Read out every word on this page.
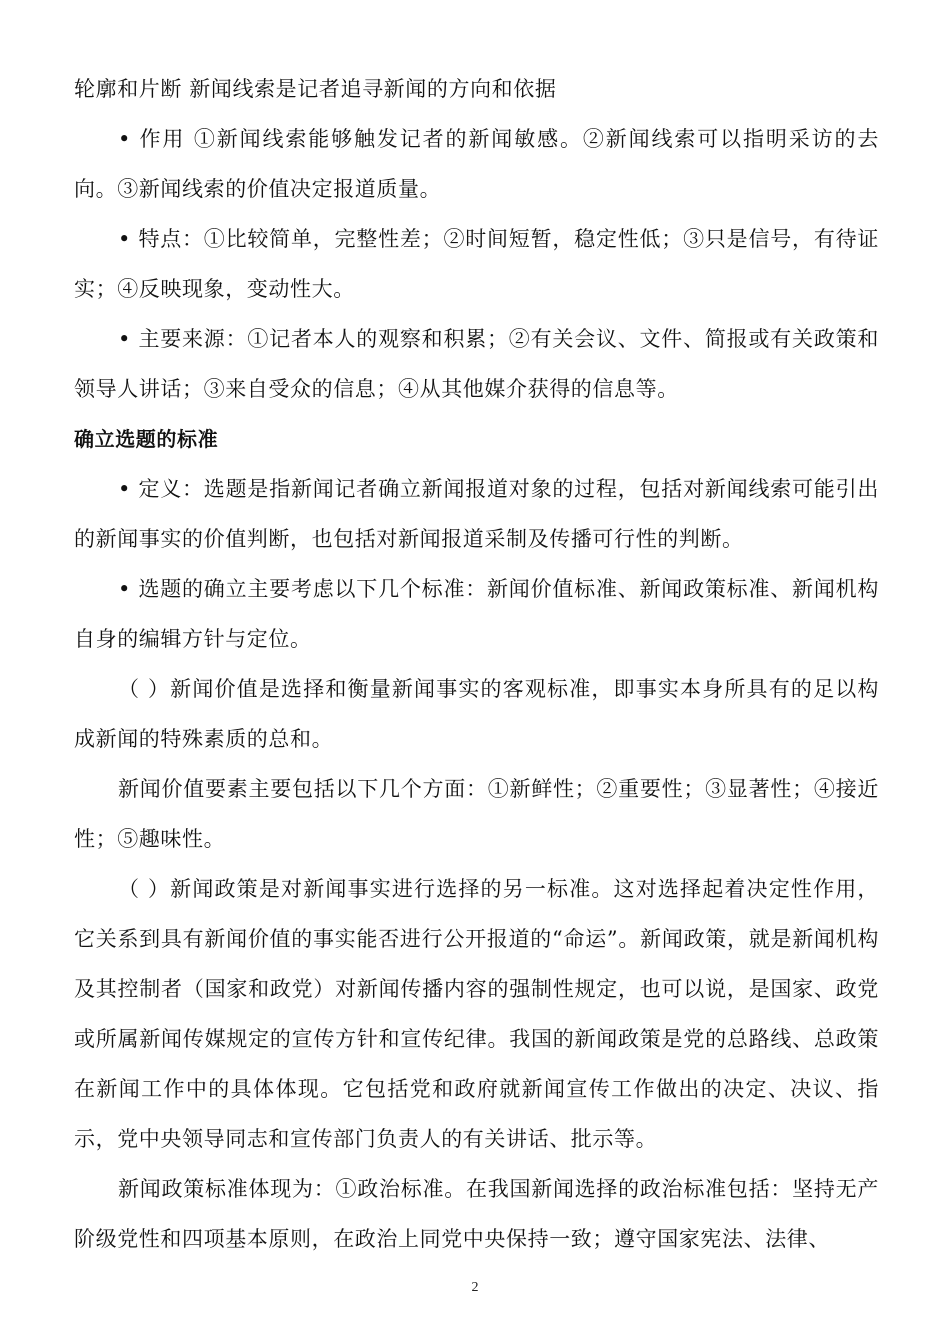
轮廓和片断 新闻线索是记者追寻新闻的方向和依据

• 作用 ①新闻线索能够触发记者的新闻敏感。②新闻线索可以指明采访的去向。③新闻线索的价值决定报道质量。

• 特点：①比较简单，完整性差；②时间短暂，稳定性低；③只是信号，有待证实；④反映现象，变动性大。

• 主要来源：①记者本人的观察和积累；②有关会议、文件、简报或有关政策和领导人讲话；③来自受众的信息；④从其他媒介获得的信息等。

确立选题的标准

• 定义：选题是指新闻记者确立新闻报道对象的过程，包括对新闻线索可能引出的新闻事实的价值判断，也包括对新闻报道采制及传播可行性的判断。

• 选题的确立主要考虑以下几个标准：新闻价值标准、新闻政策标准、新闻机构自身的编辑方针与定位。

（ ）新闻价值是选择和衡量新闻事实的客观标准，即事实本身所具有的足以构成新闻的特殊素质的总和。

新闻价值要素主要包括以下几个方面：①新鲜性；②重要性；③显著性；④接近性；⑤趣味性。

（ ）新闻政策是对新闻事实进行选择的另一标准。这对选择起着决定性作用，它关系到具有新闻价值的事实能否进行公开报道的“命运”。新闻政策，就是新闻机构及其控制者（国家和政党）对新闻传播内容的强制性规定，也可以说，是国家、政党或所属新闻传媒规定的宣传方针和宣传纪律。我国的新闻政策是党的总路线、总政策在新闻工作中的具体体现。它包括党和政府就新闻宣传工作做出的决定、决议、指示，党中央领导同志和宣传部门负责人的有关讲话、批示等。

新闻政策标准体现为：①政治标准。在我国新闻选择的政治标准包括：坚持无产阶级党性和四项基本原则，在政治上同党中央保持一致；遵守国家宪法、法律、

2
